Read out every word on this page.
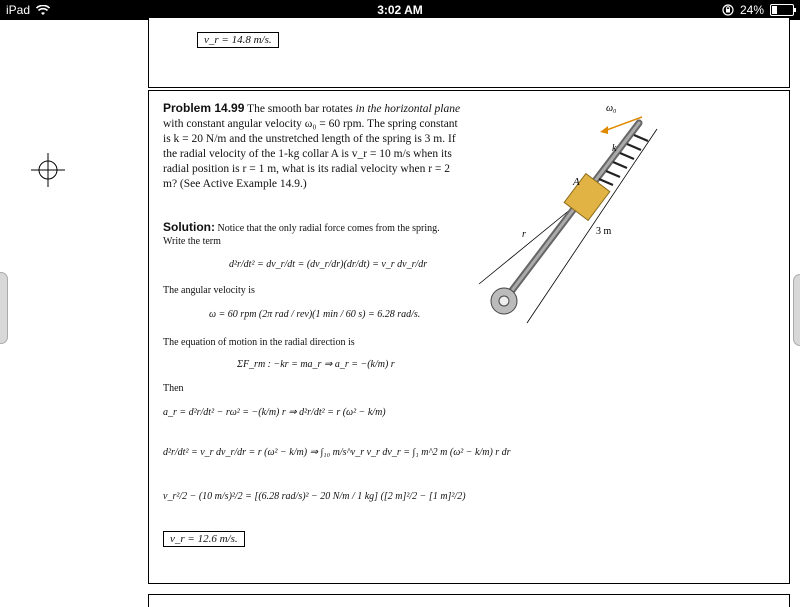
iPad	3:02 AM	24%
v_r = 14.8 m/s.
Problem 14.99 The smooth bar rotates in the horizontal plane with constant angular velocity ω₀ = 60 rpm. The spring constant is k = 20 N/m and the unstretched length of the spring is 3 m. If the radial velocity of the 1-kg collar A is v_r = 10 m/s when its radial position is r = 1 m, what is its radial velocity when r = 2 m? (See Active Example 14.9.)
ω₀
k
A
r	3 m
Solution: Notice that the only radial force comes from the spring. Write the term
d²r/dt² = dv_r/dt = (dv_r/dr)(dr/dt) = v_r dv_r/dr
The angular velocity is
ω = 60 rpm (2π rad / rev)(1 min / 60 s) = 6.28 rad/s.
The equation of motion in the radial direction is
ΣF_rm : −kr = ma_r ⇒ a_r = −(k/m) r
Then
a_r = d²r/dt² − rω² = −(k/m) r ⇒ d²r/dt² = r (ω² − k/m)
d²r/dt² = v_r dv_r/dr = r (ω² − k/m) ⇒ ∫₁₀ m/s^v_r v_r dv_r = ∫₁ m^2 m (ω² − k/m) r dr
v_r²/2 − (10 m/s)²/2 = [(6.28 rad/s)² − 20 N/m / 1 kg] ([2 m]²/2 − [1 m]²/2)
v_r = 12.6 m/s.
